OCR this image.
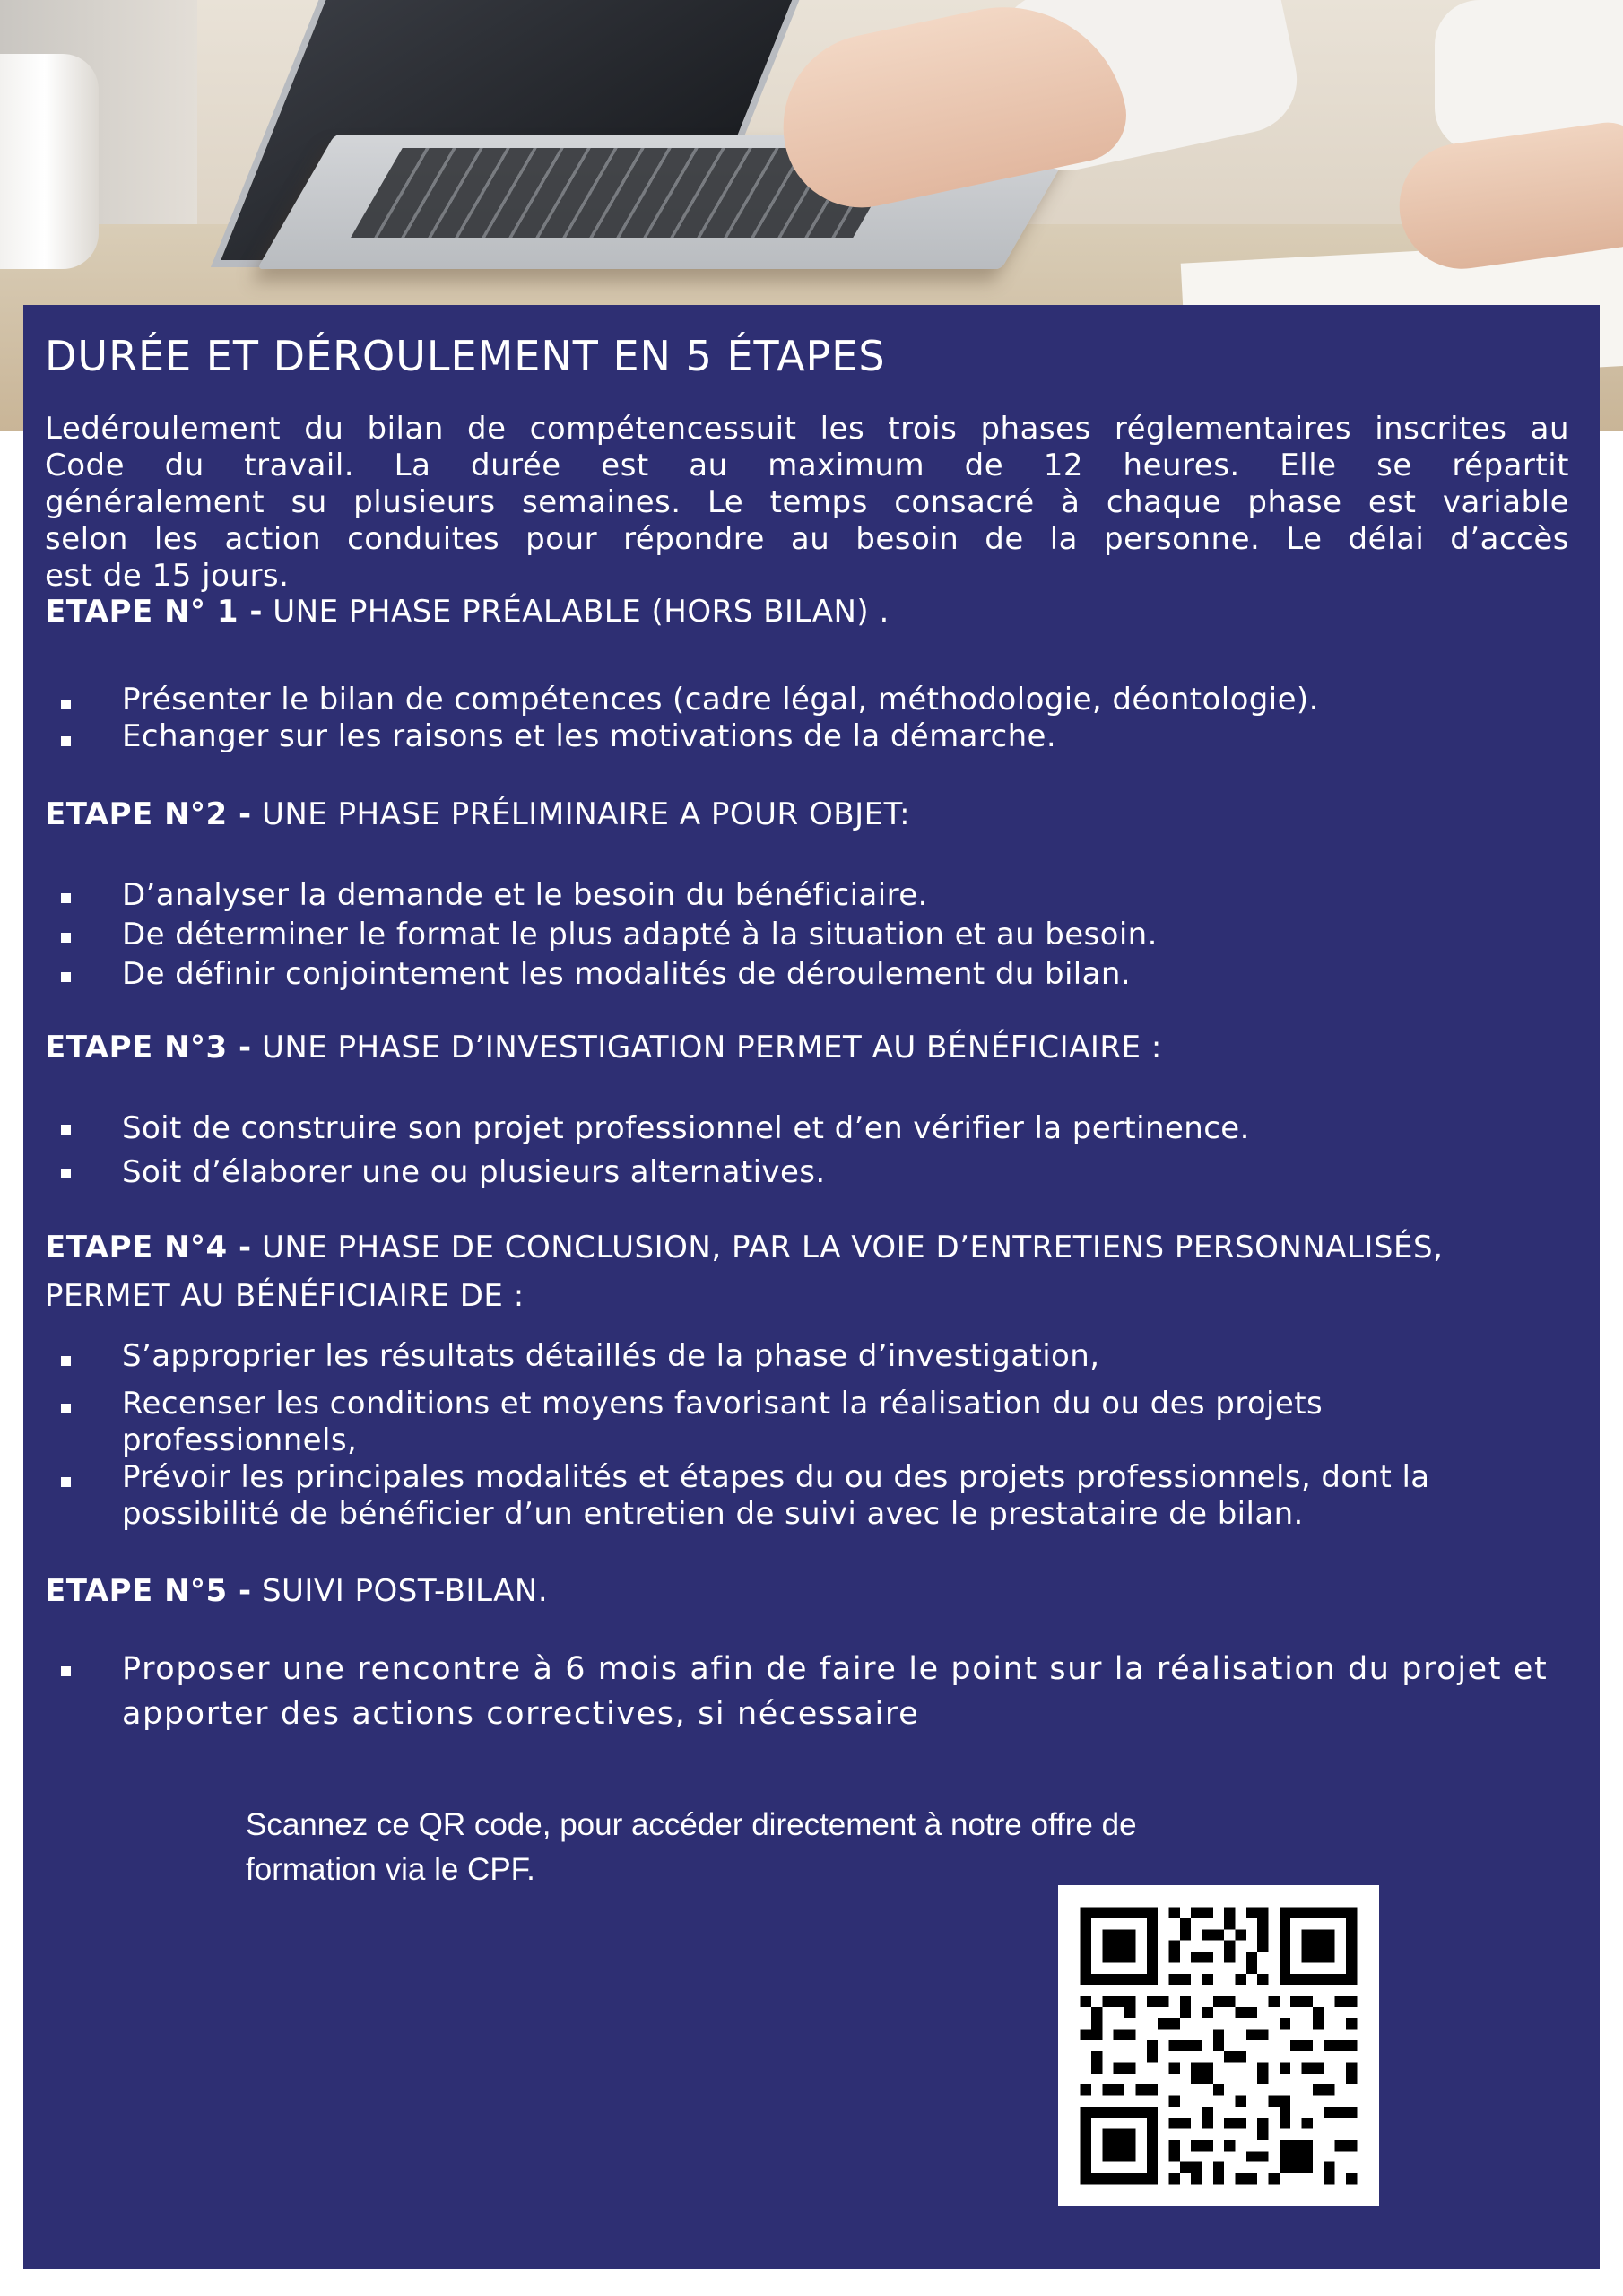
DURÉE ET DÉROULEMENT EN 5 ÉTAPES
Ledéroulement du bilan de compétencessuit les trois phases réglementaires inscrites au
Code du travail. La durée est au maximum de 12 heures. Elle se répartit
généralement su plusieurs semaines. Le temps consacré à chaque phase est variable
selon les action conduites pour répondre au besoin de la personne. Le délai d’accès
est de 15 jours.
ETAPE N° 1 - UNE PHASE PRÉALABLE (HORS BILAN) .
Présenter le bilan de compétences (cadre légal, méthodologie, déontologie).
Echanger sur les raisons et les motivations de la démarche.
ETAPE N°2 - UNE PHASE PRÉLIMINAIRE A POUR OBJET:
D’analyser la demande et le besoin du bénéficiaire.
De déterminer le format le plus adapté à la situation et au besoin.
De définir conjointement les modalités de déroulement du bilan.
ETAPE N°3 - UNE PHASE D’INVESTIGATION PERMET AU BÉNÉFICIAIRE :
Soit de construire son projet professionnel et d’en vérifier la pertinence.
Soit d’élaborer une ou plusieurs alternatives.
ETAPE N°4 - UNE PHASE DE CONCLUSION, PAR LA VOIE D’ENTRETIENS PERSONNALISÉS,
PERMET AU BÉNÉFICIAIRE DE :
S’approprier les résultats détaillés de la phase d’investigation,
Recenser les conditions et moyens favorisant la réalisation du ou des projets
professionnels,
Prévoir les principales modalités et étapes du ou des projets professionnels, dont la
possibilité de bénéficier d’un entretien de suivi avec le prestataire de bilan.
ETAPE N°5 - SUIVI POST-BILAN.
Proposer une rencontre à 6 mois afin de faire le point sur la réalisation du projet et
apporter des actions correctives, si nécessaire
Scannez ce QR code, pour accéder directement à notre offre de
formation via le CPF.
